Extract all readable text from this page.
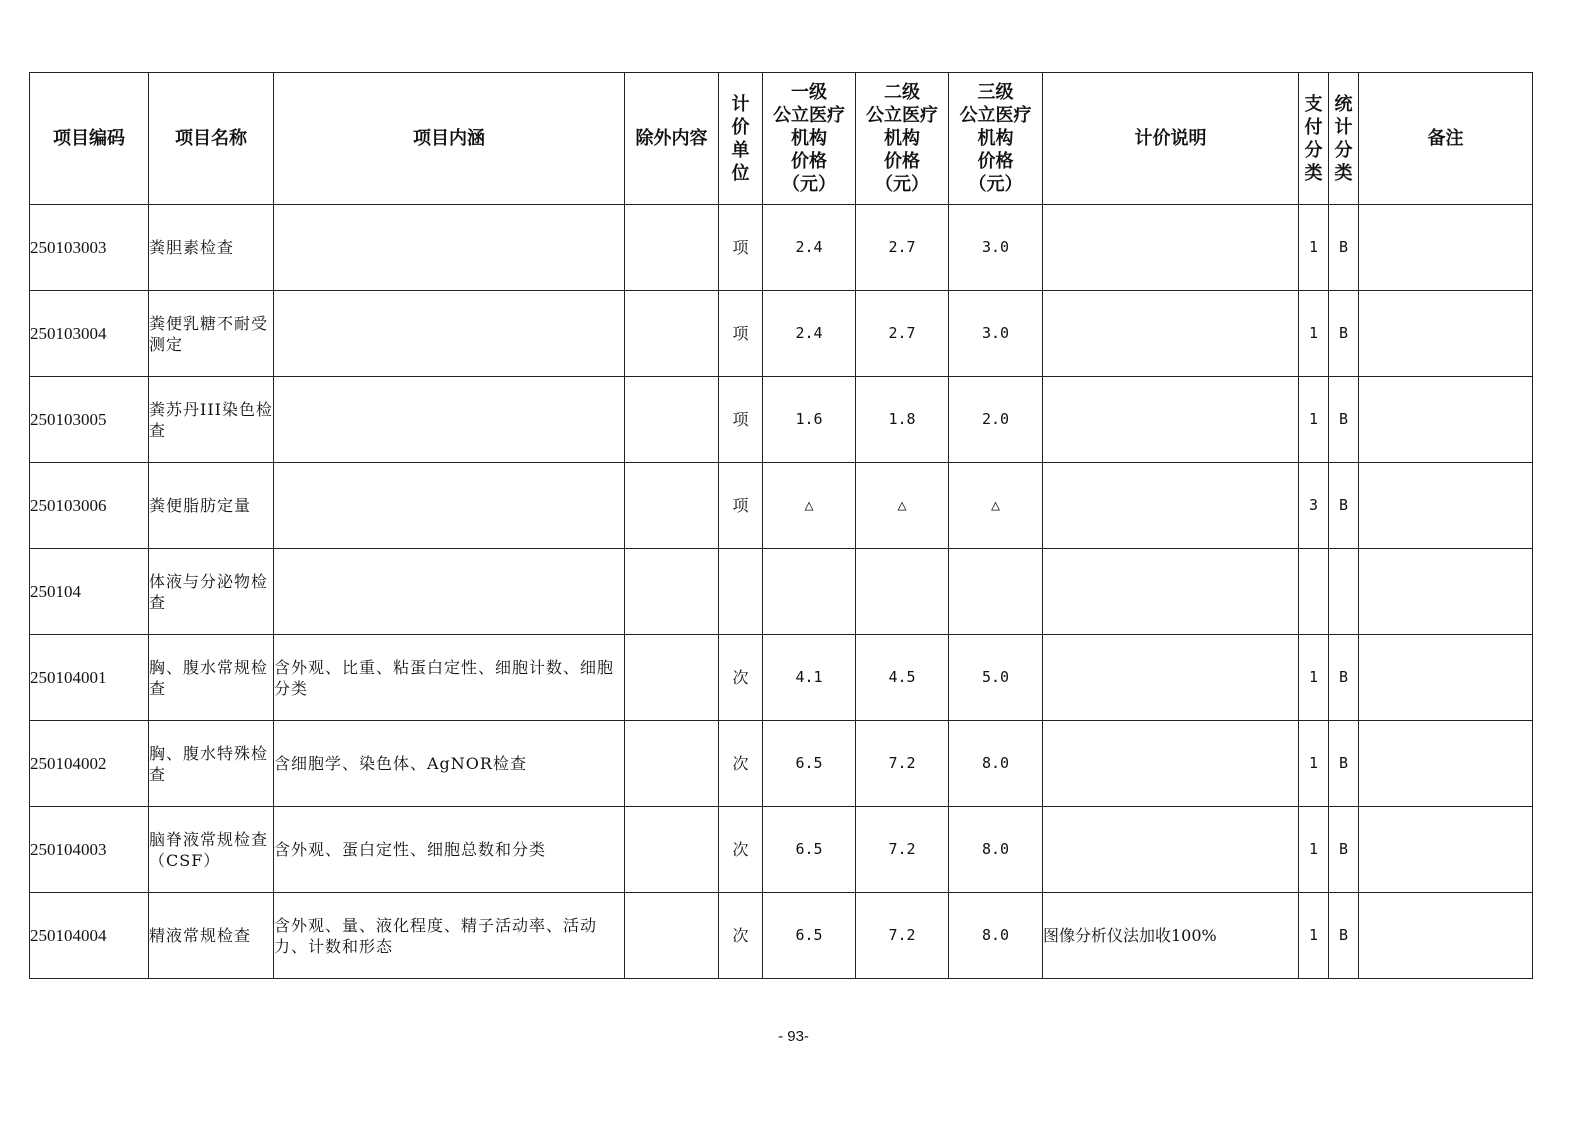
项目编码	项目名称	项目内涵	除外内容	计
价
单
位	一级
公立医疗
机构
价格
（元）	二级
公立医疗
机构
价格
（元）	三级
公立医疗
机构
价格
（元）	计价说明	支
付
分
类	统
计
分
类	备注
250103003	粪胆素检查			项	2.4	2.7	3.0		1	B	
250103004	粪便乳糖不耐受测定			项	2.4	2.7	3.0		1	B	
250103005	粪苏丹III染色检查			项	1.6	1.8	2.0		1	B	
250103006	粪便脂肪定量			项	△	△	△		3	B	
250104	体液与分泌物检查										
250104001	胸、腹水常规检查	含外观、比重、粘蛋白定性、细胞计数、细胞分类		次	4.1	4.5	5.0		1	B	
250104002	胸、腹水特殊检查	含细胞学、染色体、AgNOR检查		次	6.5	7.2	8.0		1	B	
250104003	脑脊液常规检查（CSF）	含外观、蛋白定性、细胞总数和分类		次	6.5	7.2	8.0		1	B	
250104004	精液常规检查	含外观、量、液化程度、精子活动率、活动力、计数和形态		次	6.5	7.2	8.0	图像分析仪法加收100%	1	B	
- 93-
